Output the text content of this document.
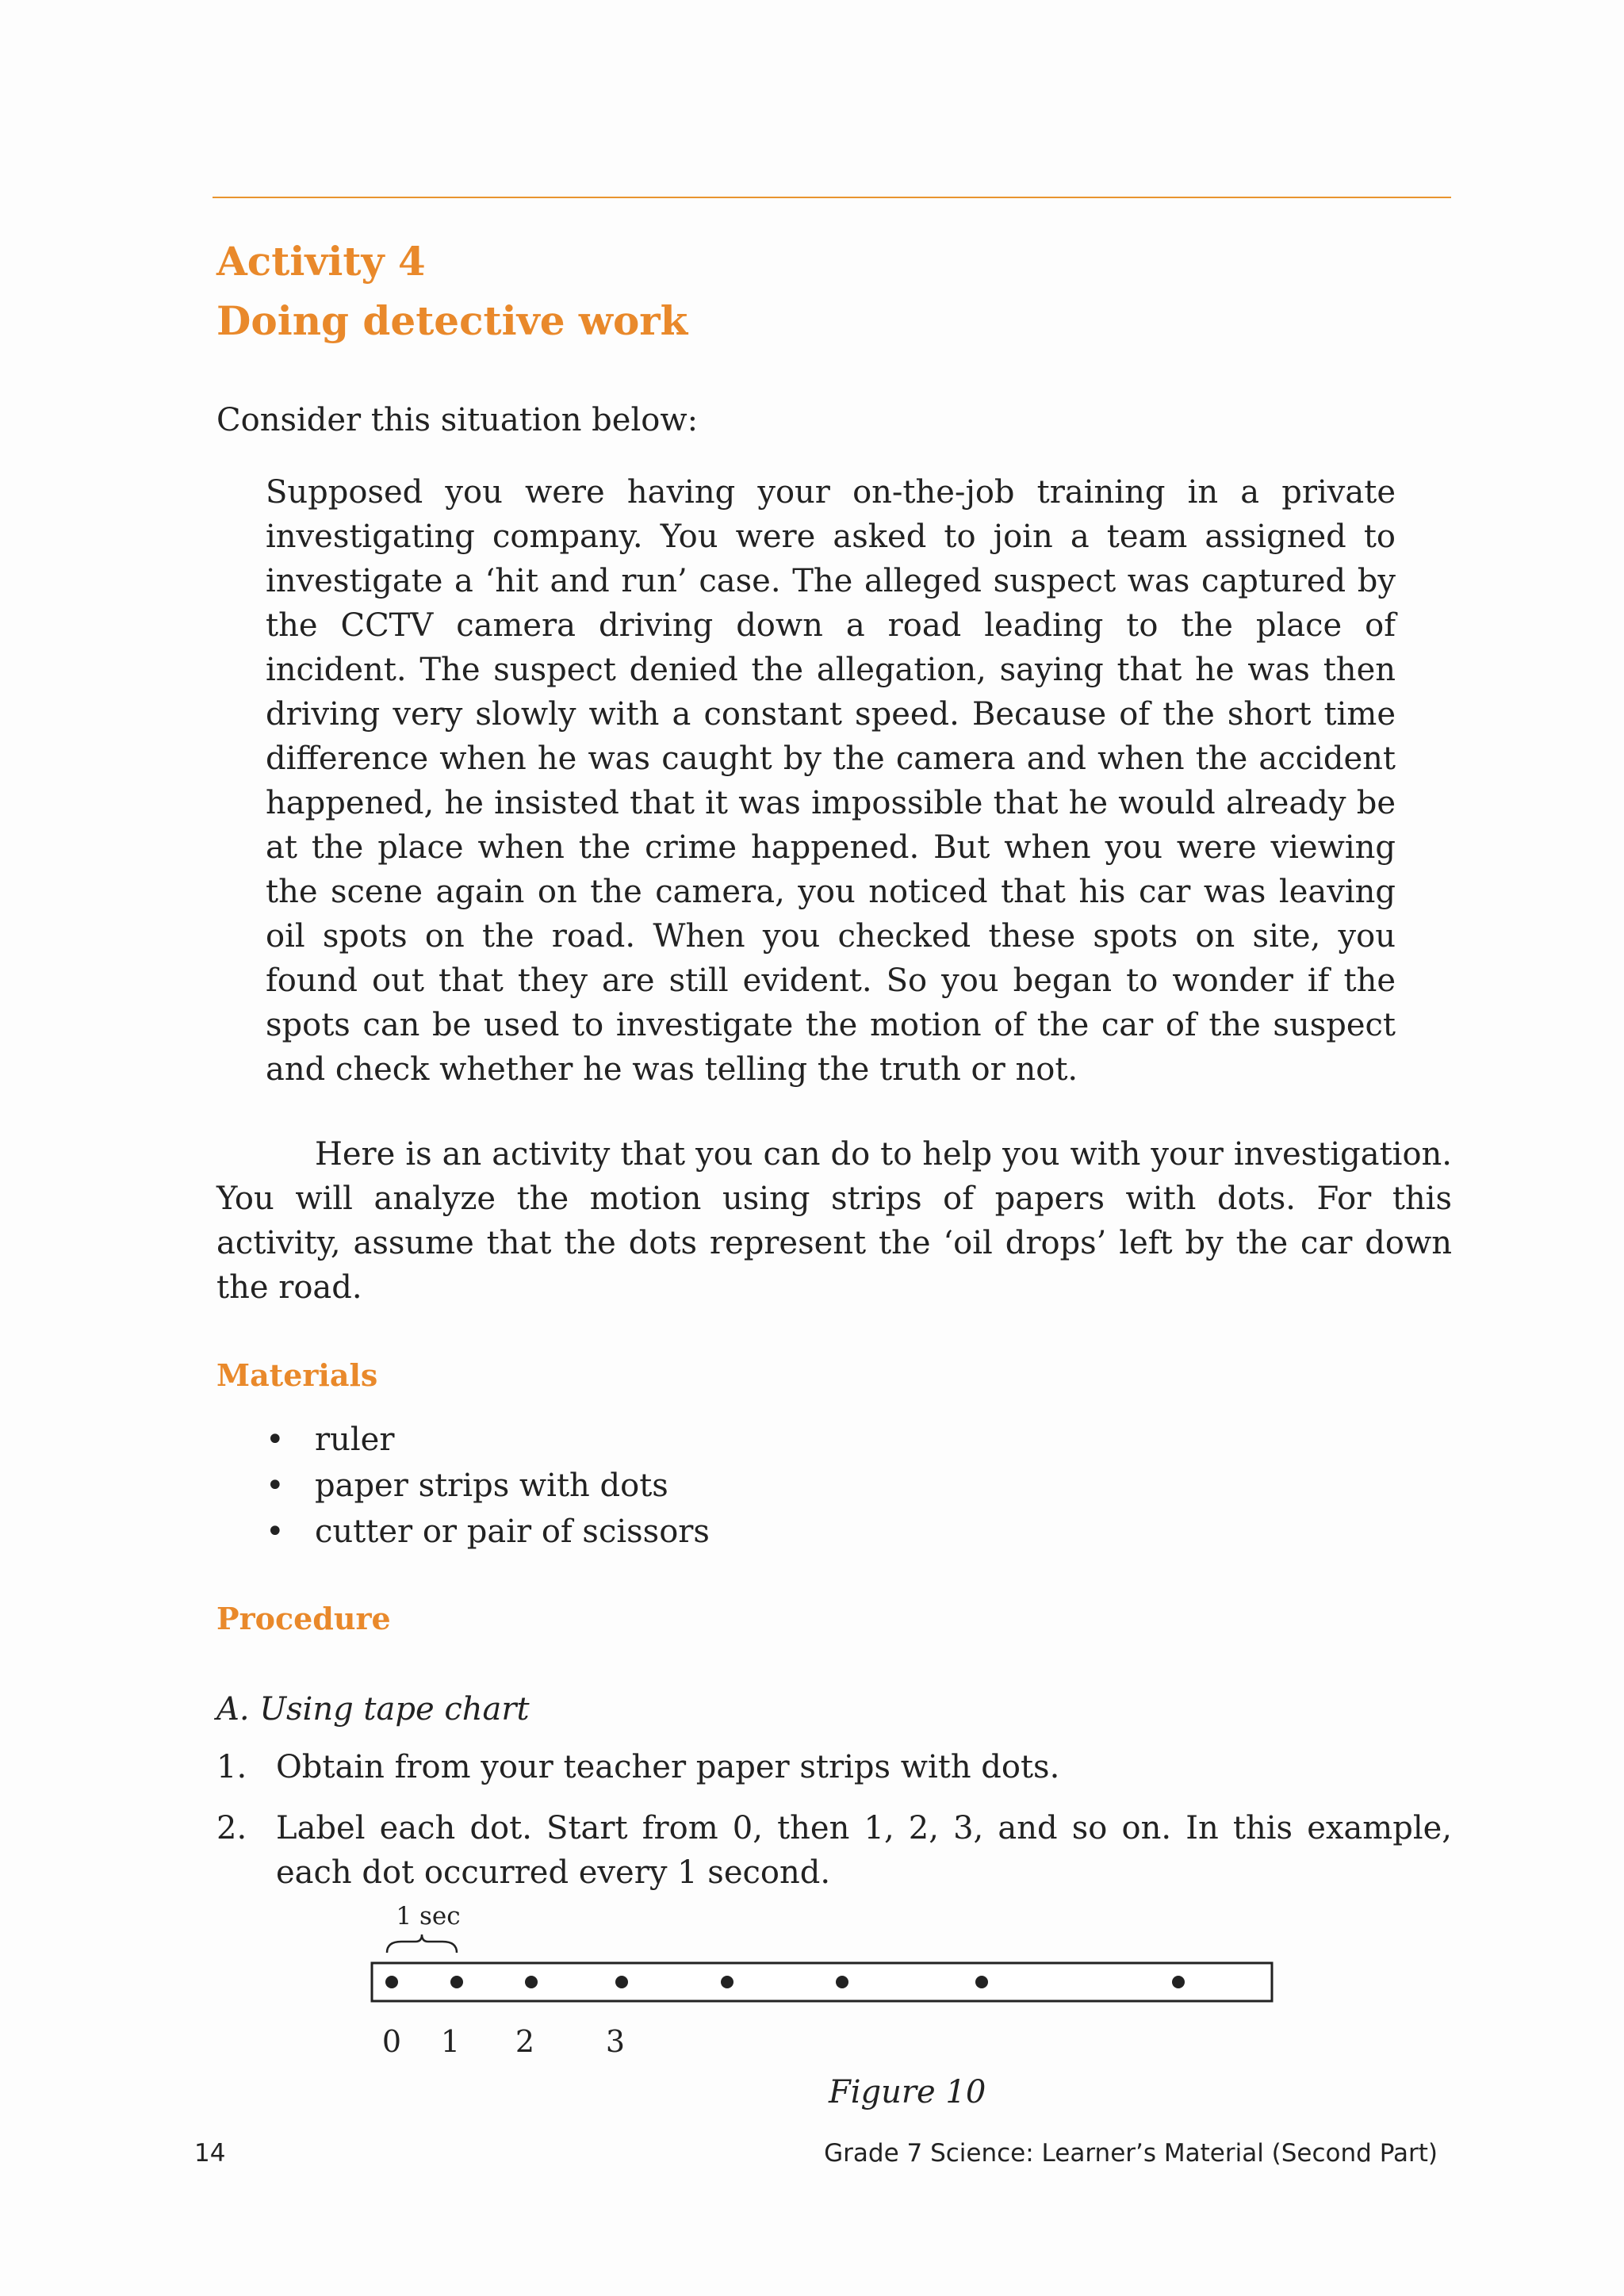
Activity 4
Doing detective work

Consider this situation below:

Supposed you were having your on-the-job training in a private investigating company. You were asked to join a team assigned to investigate a ‘hit and run’ case. The alleged suspect was captured by the CCTV camera driving down a road leading to the place of incident. The suspect denied the allegation, saying that he was then driving very slowly with a constant speed. Because of the short time difference when he was caught by the camera and when the accident happened, he insisted that it was impossible that he would already be at the place when the crime happened. But when you were viewing the scene again on the camera, you noticed that his car was leaving oil spots on the road. When you checked these spots on site, you found out that they are still evident. So you began to wonder if the spots can be used to investigate the motion of the car of the suspect and check whether he was telling the truth or not.

Here is an activity that you can do to help you with your investigation. You will analyze the motion using strips of papers with dots. For this activity, assume that the dots represent the ‘oil drops’ left by the car down the road.

Materials
• ruler
• paper strips with dots
• cutter or pair of scissors
Procedure
A. Using tape chart
1. Obtain from your teacher paper strips with dots.
2. Label each dot. Start from 0, then 1, 2, 3, and so on. In this example, each dot occurred every 1 second.
1 sec
0 1 2 3
Figure 10
14	Grade 7 Science: Learner’s Material (Second Part)
